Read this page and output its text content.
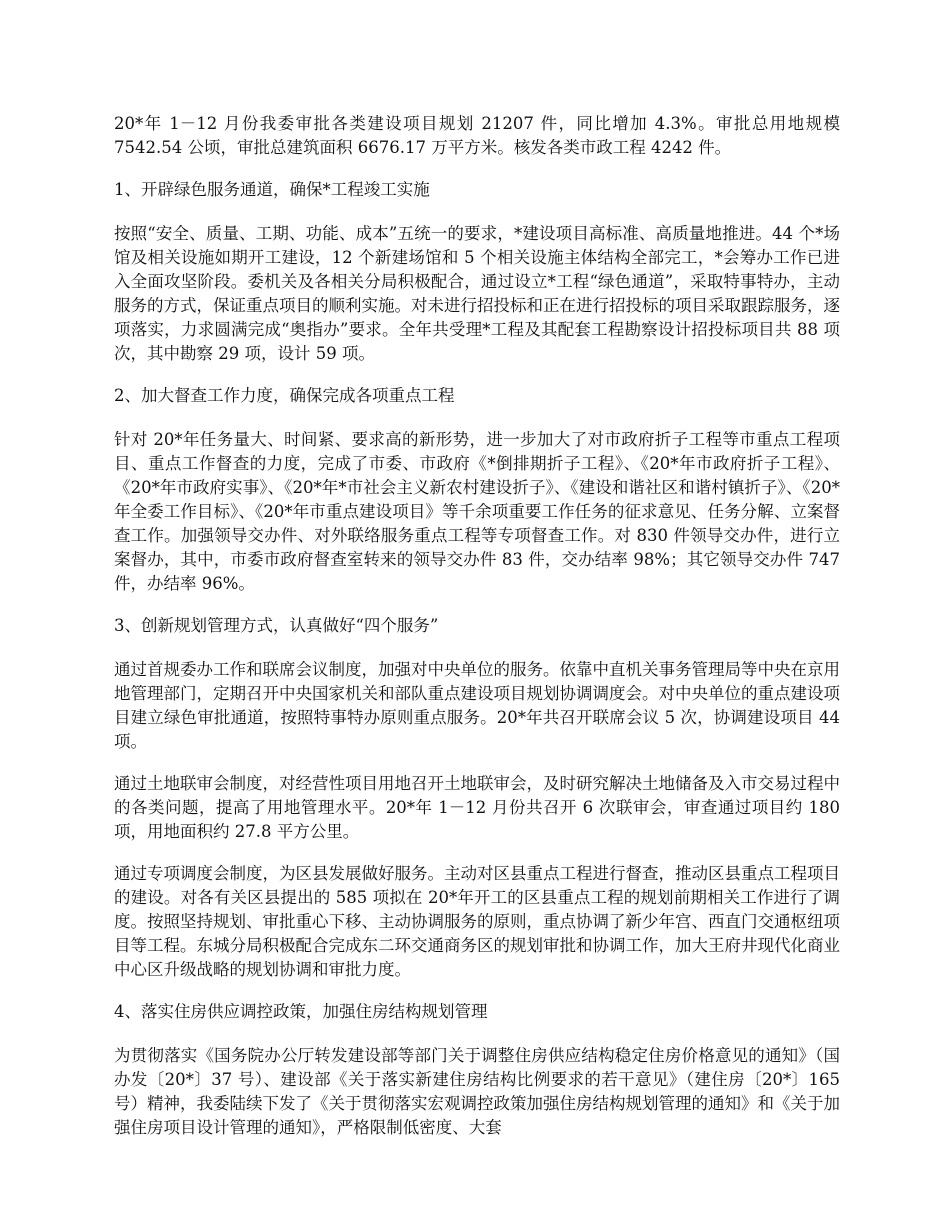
20*年 1－12 月份我委审批各类建设项目规划 21207 件，同比增加 4.3%。审批总用地规模 7542.54 公顷，审批总建筑面积 6676.17 万平方米。核发各类市政工程 4242 件。

1、开辟绿色服务通道，确保*工程竣工实施

按照“安全、质量、工期、功能、成本”五统一的要求，*建设项目高标准、高质量地推进。44 个*场馆及相关设施如期开工建设，12 个新建场馆和 5 个相关设施主体结构全部完工，*会筹办工作已进入全面攻坚阶段。委机关及各相关分局积极配合，通过设立*工程“绿色通道”，采取特事特办，主动服务的方式，保证重点项目的顺利实施。对未进行招投标和正在进行招投标的项目采取跟踪服务，逐项落实，力求圆满完成“奥指办”要求。全年共受理*工程及其配套工程勘察设计招投标项目共 88 项次，其中勘察 29 项，设计 59 项。

2、加大督查工作力度，确保完成各项重点工程

针对 20*年任务量大、时间紧、要求高的新形势，进一步加大了对市政府折子工程等市重点工程项目、重点工作督查的力度，完成了市委、市政府《*倒排期折子工程》、《20*年市政府折子工程》、《20*年市政府实事》、《20*年*市社会主义新农村建设折子》、《建设和谐社区和谐村镇折子》、《20*年全委工作目标》、《20*年市重点建设项目》等千余项重要工作任务的征求意见、任务分解、立案督查工作。加强领导交办件、对外联络服务重点工程等专项督查工作。对 830 件领导交办件，进行立案督办，其中，市委市政府督查室转来的领导交办件 83 件，交办结率 98%；其它领导交办件 747 件，办结率 96%。

3、创新规划管理方式，认真做好“四个服务”

通过首规委办工作和联席会议制度，加强对中央单位的服务。依靠中直机关事务管理局等中央在京用地管理部门，定期召开中央国家机关和部队重点建设项目规划协调调度会。对中央单位的重点建设项目建立绿色审批通道，按照特事特办原则重点服务。20*年共召开联席会议 5 次，协调建设项目 44 项。

通过土地联审会制度，对经营性项目用地召开土地联审会，及时研究解决土地储备及入市交易过程中的各类问题，提高了用地管理水平。20*年 1－12 月份共召开 6 次联审会，审查通过项目约 180 项，用地面积约 27.8 平方公里。

通过专项调度会制度，为区县发展做好服务。主动对区县重点工程进行督查，推动区县重点工程项目的建设。对各有关区县提出的 585 项拟在 20*年开工的区县重点工程的规划前期相关工作进行了调度。按照坚持规划、审批重心下移、主动协调服务的原则，重点协调了新少年宫、西直门交通枢纽项目等工程。东城分局积极配合完成东二环交通商务区的规划审批和协调工作，加大王府井现代化商业中心区升级战略的规划协调和审批力度。

4、落实住房供应调控政策，加强住房结构规划管理

为贯彻落实《国务院办公厅转发建设部等部门关于调整住房供应结构稳定住房价格意见的通知》（国办发〔20*〕37 号）、建设部《关于落实新建住房结构比例要求的若干意见》（建住房〔20*〕165 号）精神，我委陆续下发了《关于贯彻落实宏观调控政策加强住房结构规划管理的通知》和《关于加强住房项目设计管理的通知》，严格限制低密度、大套
